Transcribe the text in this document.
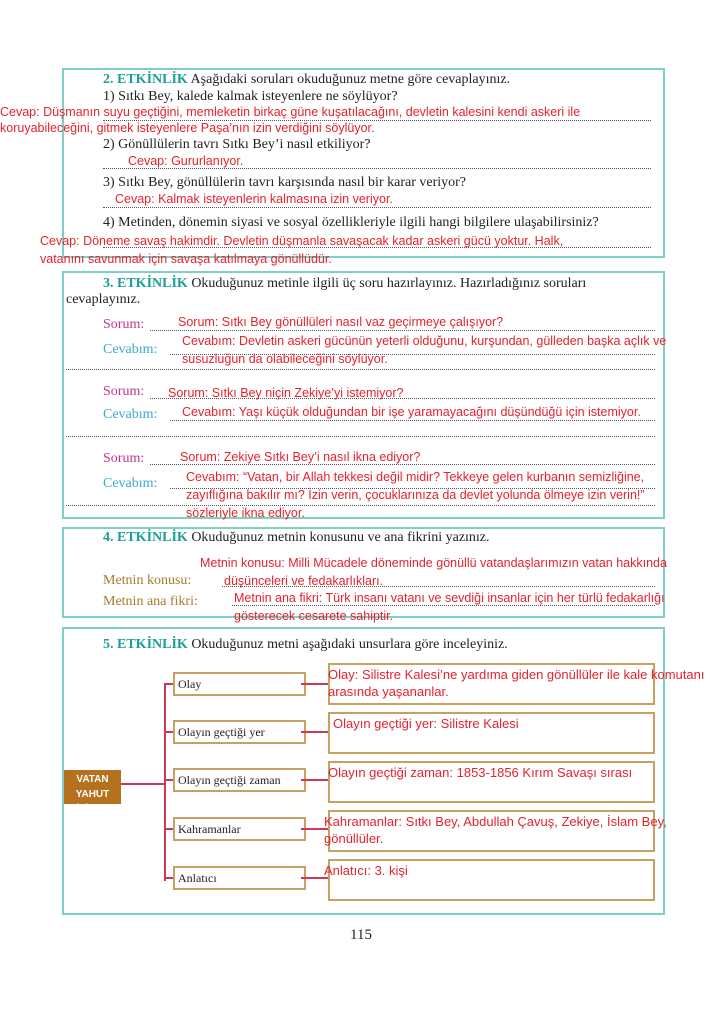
2. ETKİNLİK Aşağıdaki soruları okuduğunuz metne göre cevaplayınız.
1) Sıtkı Bey, kalede kalmak isteyenlere ne söylüyor?
Cevap: Düşmanın suyu geçtiğini, memleketin birkaç güne kuşatılacağını, devletin kalesini kendi askeri ile
koruyabileceğini, gitmek isteyenlere Paşa’nın izin verdiğini söylüyor.
2) Gönüllülerin tavrı Sıtkı Bey’i nasıl etkiliyor?
Cevap: Gururlanıyor.
3) Sıtkı Bey, gönüllülerin tavrı karşısında nasıl bir karar veriyor?
Cevap: Kalmak isteyenlerin kalmasına izin veriyor.
4) Metinden, dönemin siyasi ve sosyal özellikleriyle ilgili hangi bilgilere ulaşabilirsiniz?
Cevap: Döneme savaş hakimdir. Devletin düşmanla savaşacak kadar askeri gücü yoktur. Halk,
vatanını savunmak için savaşa katılmaya gönüllüdür.
3. ETKİNLİK Okuduğunuz metinle ilgili üç soru hazırlayınız. Hazırladığınız soruları
cevaplayınız.
Sorum:	Sorum: Sıtkı Bey gönüllüleri nasıl vaz geçirmeye çalışıyor?
Cevabım:
Cevabım: Devletin askeri gücünün yeterli olduğunu, kurşundan, gülleden başka açlık ve
susuzluğun da olabileceğini söylüyor.
Sorum: Sorum: Sıtkı Bey niçin Zekiye’yi istemiyor?
Cevabım: Cevabım: Yaşı küçük olduğundan bir işe yaramayacağını düşündüğü için istemiyor.
Sorum:	Sorum: Zekiye Sıtkı Bey’i nasıl ikna ediyor?
Cevabım: Cevabım: “Vatan, bir Allah tekkesi değil midir? Tekkeye gelen kurbanın semizliğine,
zayıflığına bakılır mı? İzin verin, çocuklarınıza da devlet yolunda ölmeye izin verin!”
sözleriyle ikna ediyor.
4. ETKİNLİK Okuduğunuz metnin konusunu ve ana fikrini yazınız.
Metnin konusu: Milli Mücadele döneminde gönüllü vatandaşlarımızın vatan hakkında
Metnin konusu:	düşünceleri ve fedakarlıkları.
Metnin ana fikri:	Metnin ana fikri: Türk insanı vatanı ve sevdiği insanlar için her türlü fedakarlığı
gösterecek cesarete sahiptir.
5. ETKİNLİK Okuduğunuz metni aşağıdaki unsurlara göre inceleyiniz.
VATAN YAHUT
SİLİSTRE
Olay
Olay: Silistre Kalesi’ne yardıma giden gönüllüler ile kale komutanı
arasında yaşananlar.
Olayın geçtiği yer
Olayın geçtiği yer: Silistre Kalesi
Olayın geçtiği zaman	Olayın geçtiği zaman: 1853-1856 Kırım Savaşı sırası
Kahramanlar	Kahramanlar: Sıtkı Bey, Abdullah Çavuş, Zekiye, İslam Bey,
gönüllüler.
Anlatıcı	Anlatıcı: 3. kişi
115
